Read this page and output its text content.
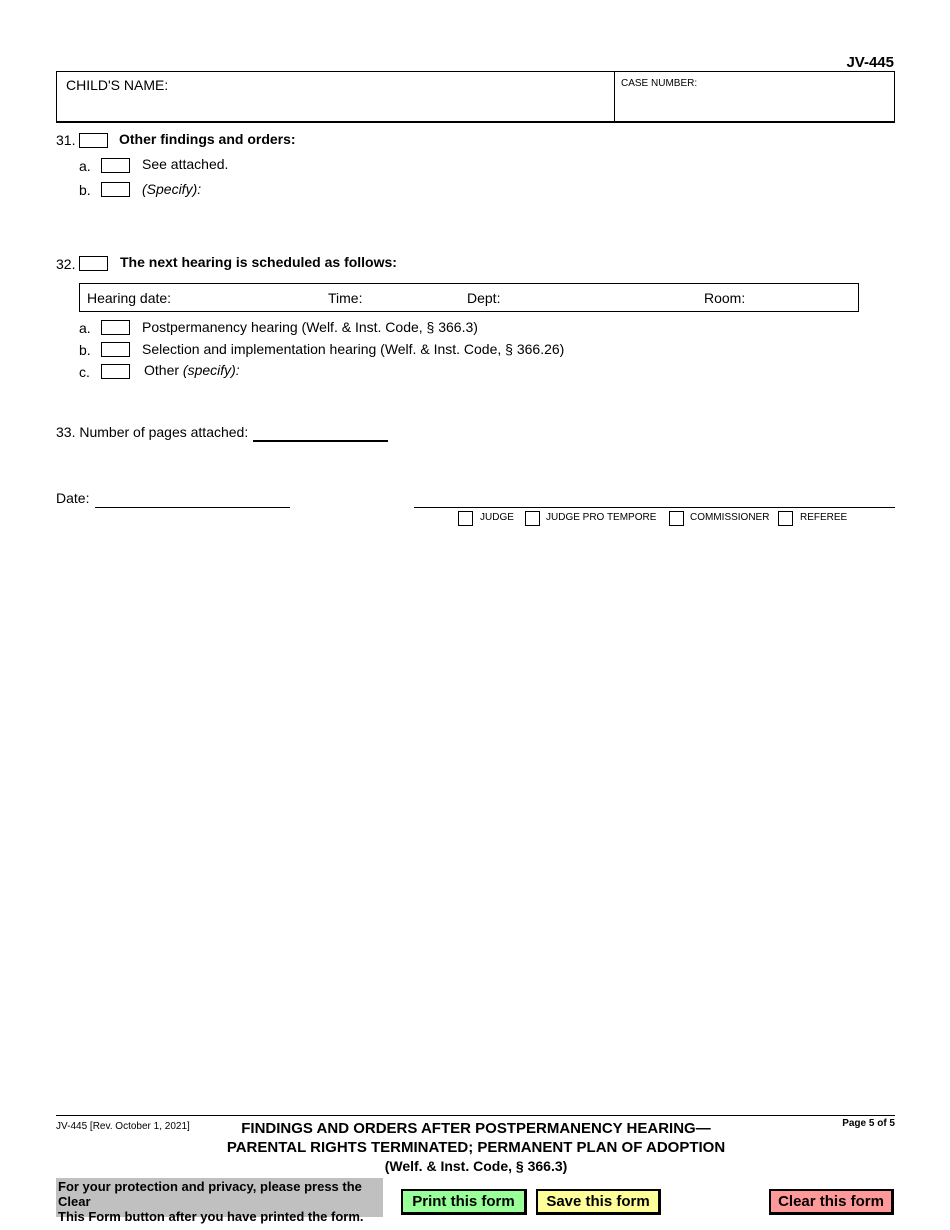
JV-445
CHILD'S NAME:	CASE NUMBER:
31.	Other findings and orders:
a.	See attached.
b.	(Specify):
32.	The next hearing is scheduled as follows:
Hearing date:	Time:	Dept:	Room:
a.	Postpermanency hearing (Welf. & Inst. Code, § 366.3)
b.	Selection and implementation hearing (Welf. & Inst. Code, § 366.26)
c.	Other (specify):
33. Number of pages attached:
Date:
JUDGE	JUDGE PRO TEMPORE	COMMISSIONER	REFEREE
JV-445 [Rev. October 1, 2021]	FINDINGS AND ORDERS AFTER POSTPERMANENCY HEARING—
PARENTAL RIGHTS TERMINATED; PERMANENT PLAN OF ADOPTION
(Welf. & Inst. Code, § 366.3)
Page 5 of 5
For your protection and privacy, please press the Clear
This Form button after you have printed the form.
Print this form	Save this form	Clear this form
